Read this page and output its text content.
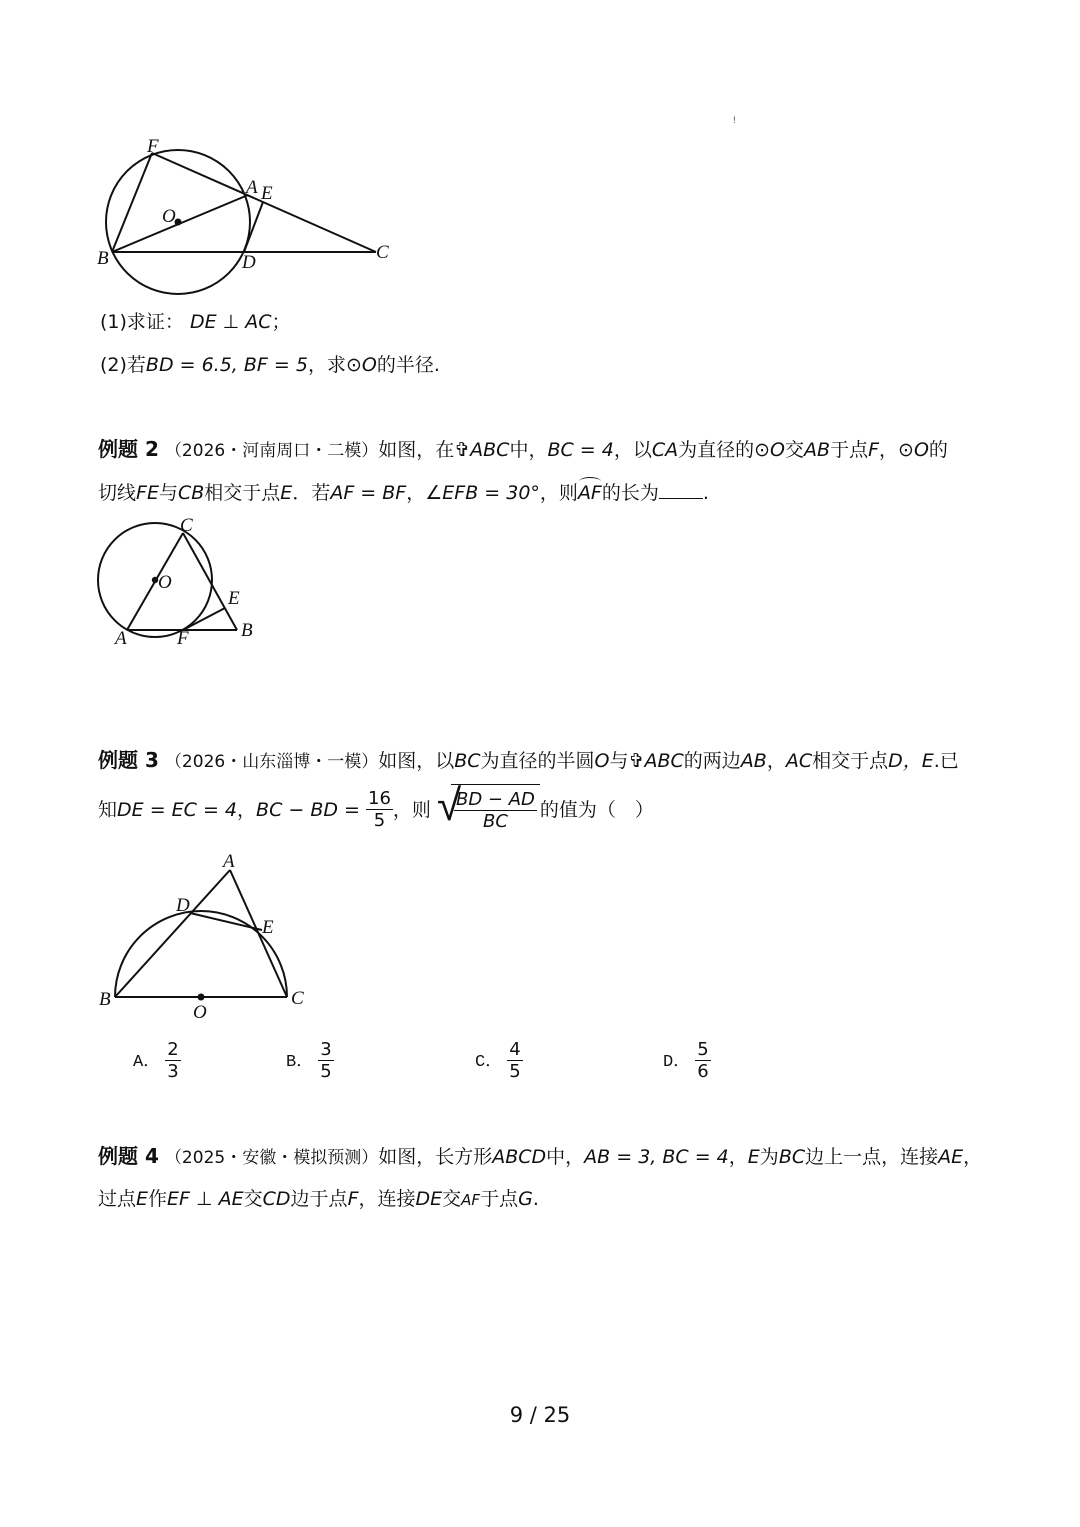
ǃ
F
A E
O
B	D	C
(1)求证： DE ⊥ AC；
(2)若BD = 6.5, BF = 5，求⊙O的半径.
例题 2 （2026・河南周口・二模）如图，在✞ABC中，BC = 4，以CA为直径的⊙O交AB于点F，⊙O的
切线FE与CB相交于点E．若AF = BF，∠EFB = 30°，则AF的长为 .
C
O
E
A	F	B
例题 3 （2026・山东淄博・一模）如图，以BC为直径的半圆O与✞ABC的两边AB，AC相交于点D，E.已
知DE = EC = 4，BC − BD = $\frac{16}{5}$ ，则 √
$\frac{BD - AD}{BC}$ 的值为（　）
A
D
E
B	C
O
A． $\frac{2}{3}$	B． $\frac{3}{5}$	C． $\frac{4}{5}$	D． $\frac{5}{6}$
例题 4 （2025・安徽・模拟预测）如图，长方形ABCD中，AB = 3, BC = 4，E为BC边上一点，连接AE，
过点E作EF ⊥ AE交CD边于点F，连接DE交AF于点G.
9 / 25
